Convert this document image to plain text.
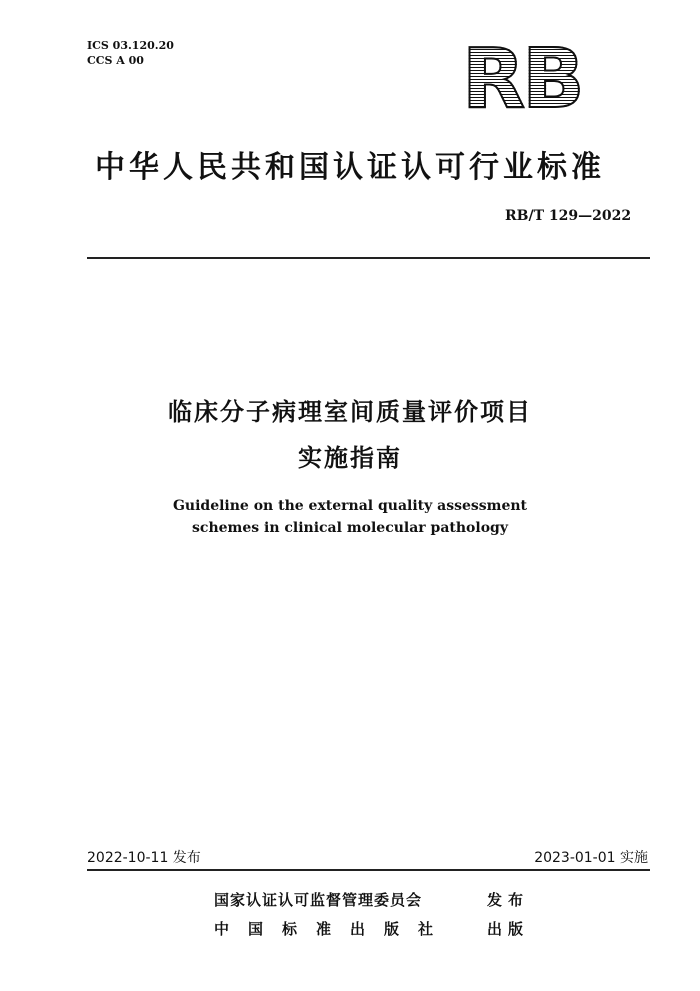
ICS 03.120.20
CCS A 00	RB
中华人民共和国认证认可行业标准
RB/T 129—2022
临床分子病理室间质量评价项目
实施指南
Guideline on the external quality assessment
schemes in clinical molecular pathology
2022-10-11 发布	2023-01-01 实施
国家认证认可监督管理委员会	发布
中国标准出版社 出版
